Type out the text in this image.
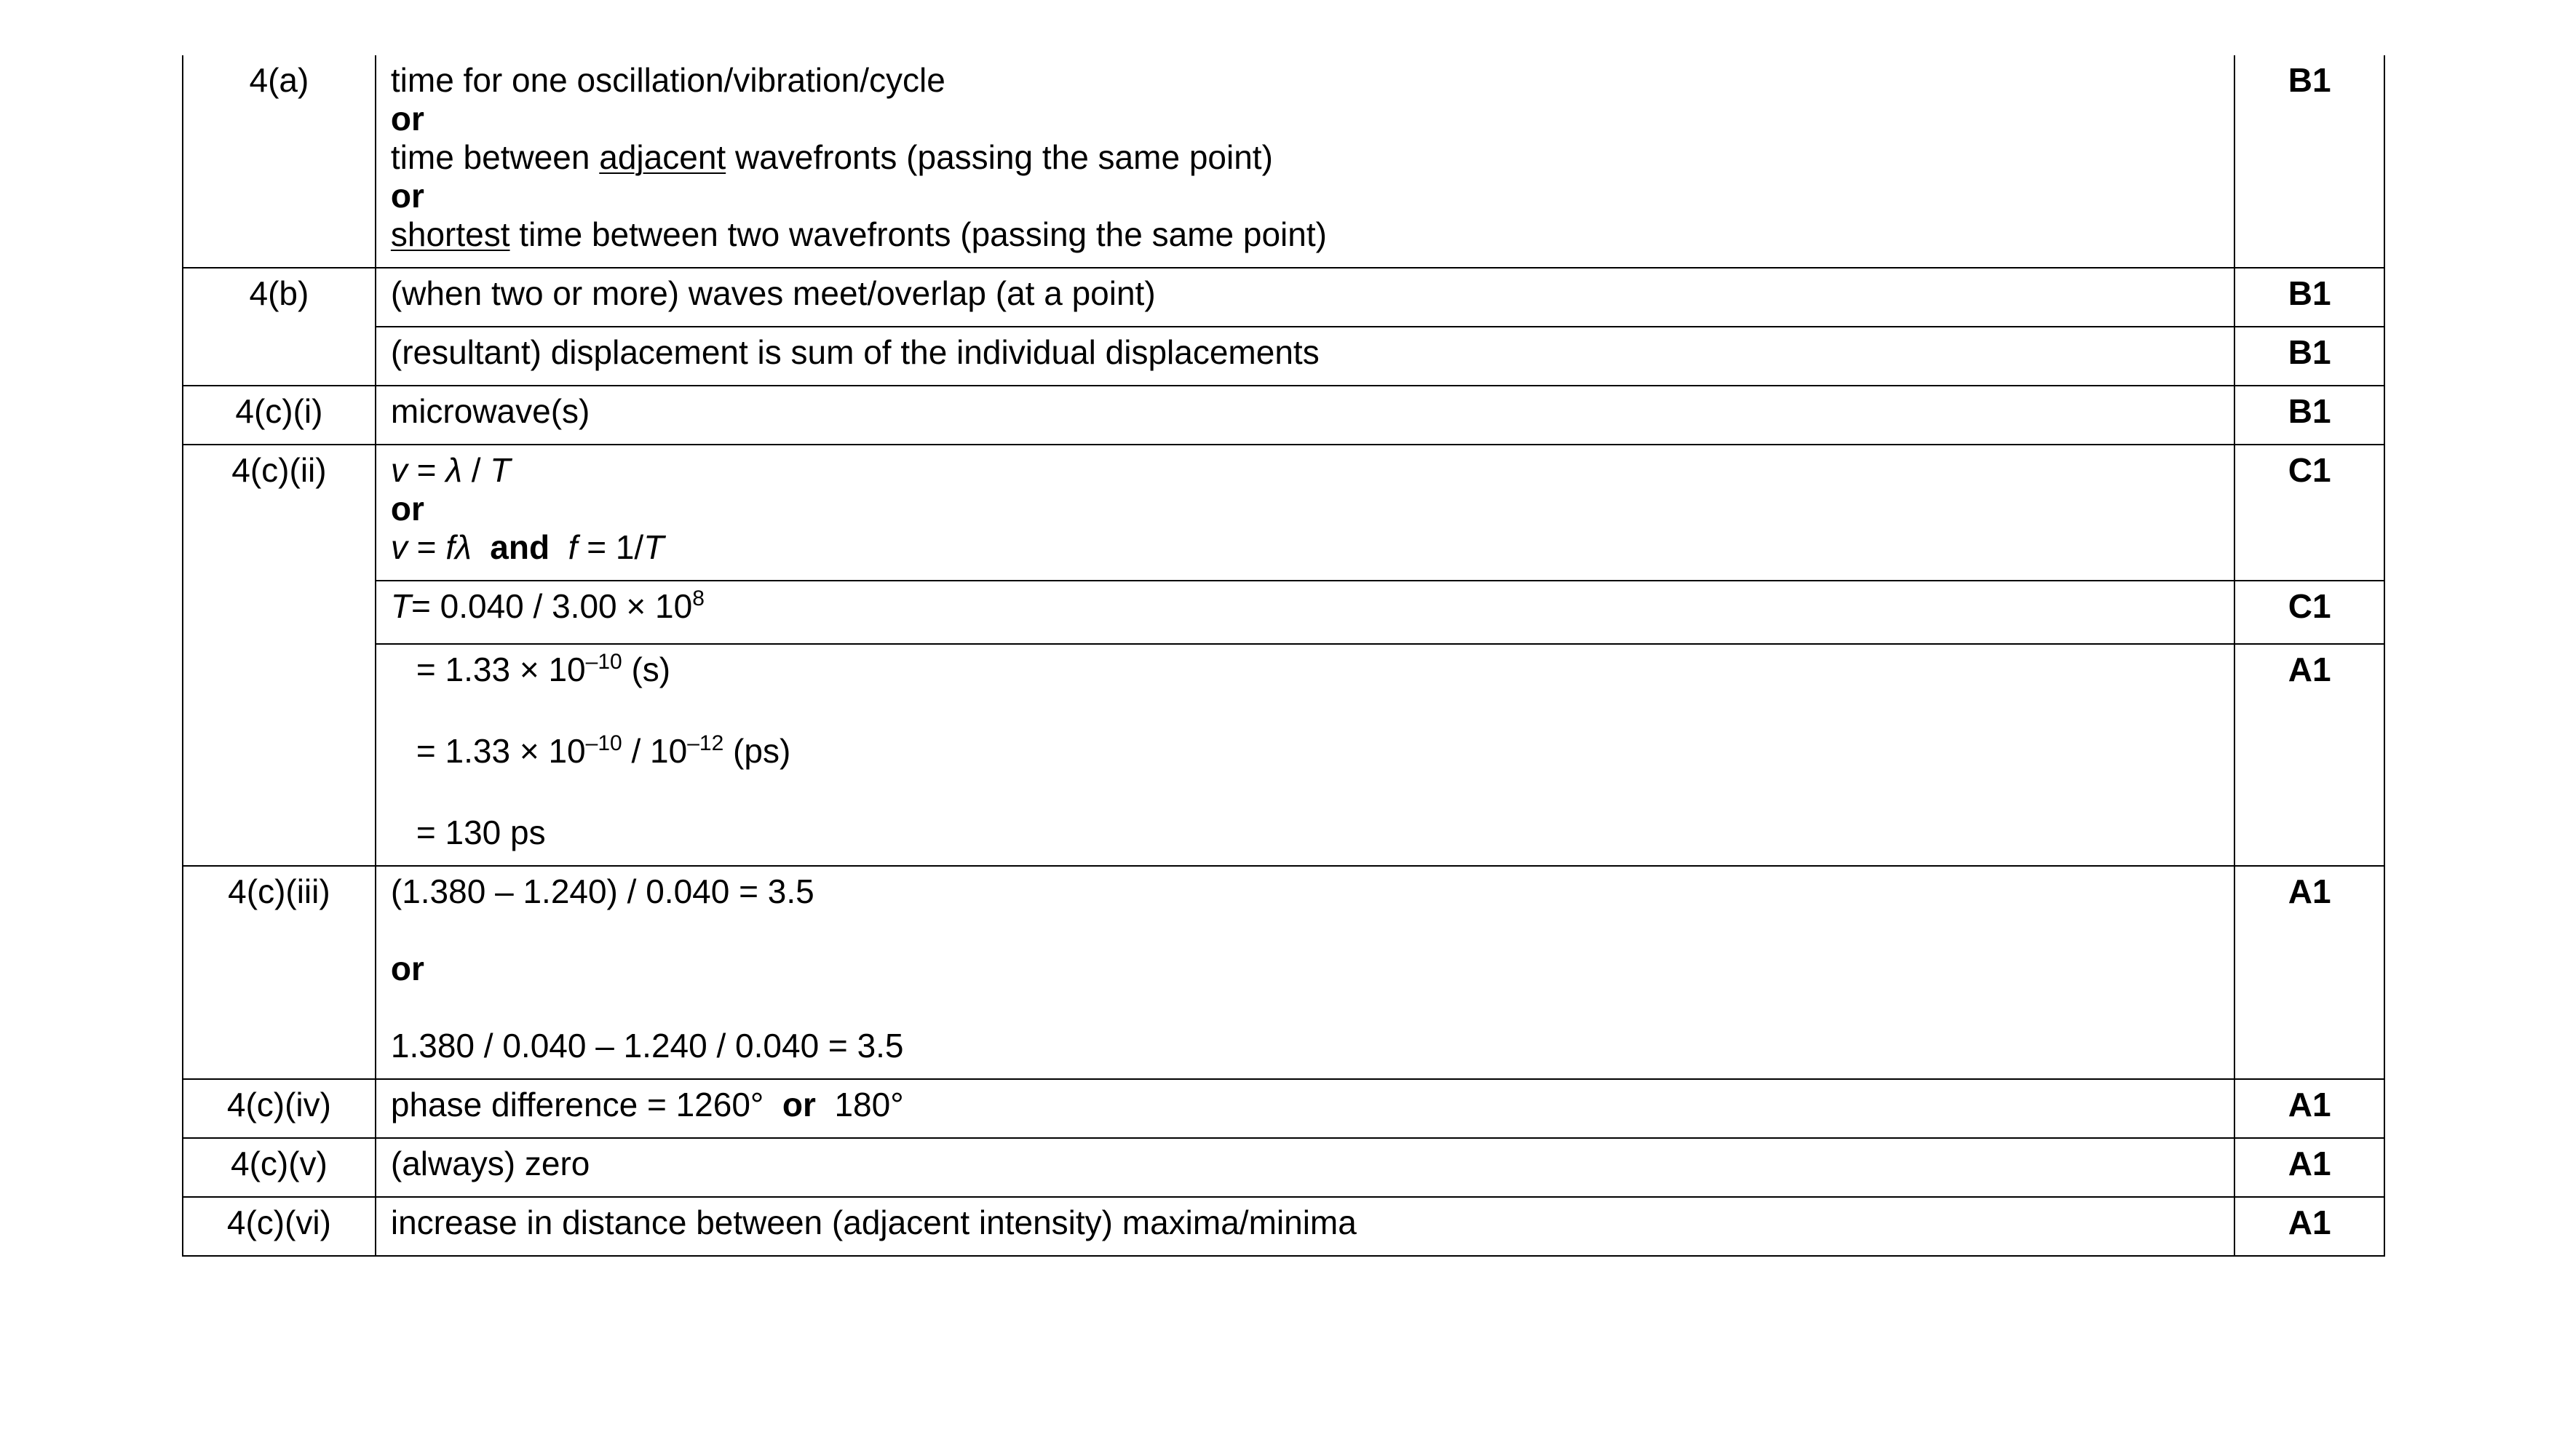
4(a)	time for one oscillation/vibration/cycle
or
time between adjacent wavefronts (passing the same point)
or
shortest time between two wavefronts (passing the same point)	B1

4(b)	(when two or more) waves meet/overlap (at a point)	B1

	(resultant) displacement is sum of the individual displacements	B1

4(c)(i)	microwave(s)	B1

4(c)(ii)	v = λ / T
or
v = fλ and f = 1/T	C1

	$T= 0.040 / 3.00 \times 10^8$	C1

	= $1.33 \times 10^{-10}$ (s)
= $1.33 \times 10^{-10} / 10^{-12}$ (ps)
= 130 ps	A1

4(c)(iii)	(1.380 – 1.240) / 0.040 = 3.5
or
1.380 / 0.040 – 1.240 / 0.040 = 3.5	A1

4(c)(iv)	phase difference = 1260° or 180°	A1

4(c)(v)	(always) zero	A1

4(c)(vi)	increase in distance between (adjacent intensity) maxima/minima	A1
